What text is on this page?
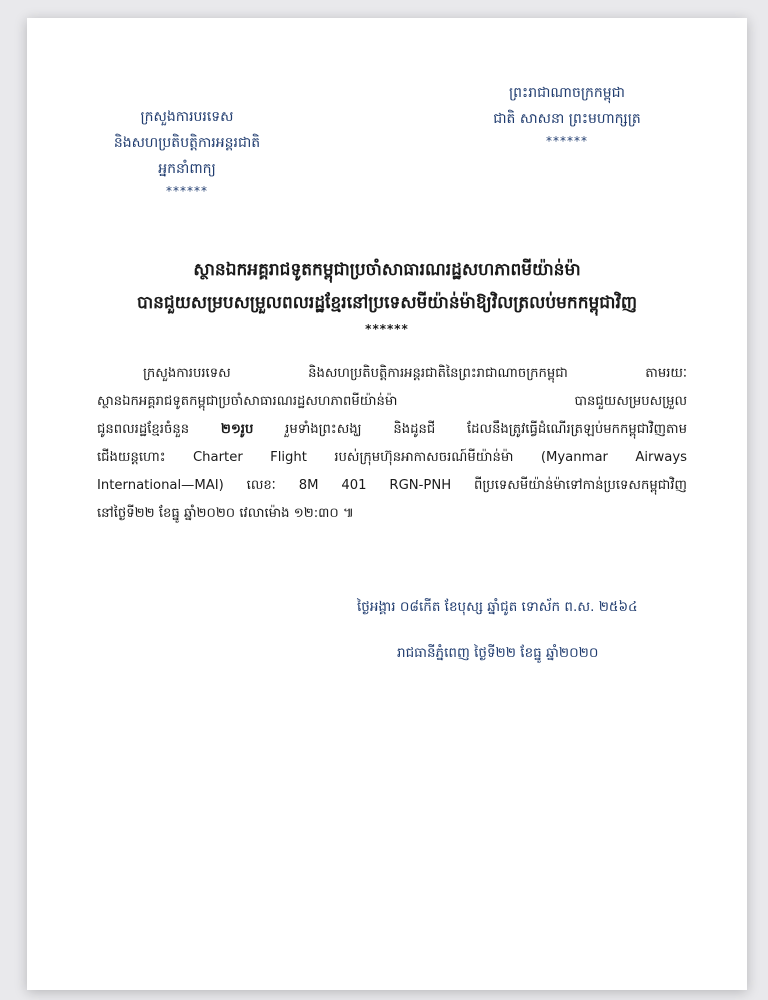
ក្រសួងការបរទេស
និងសហប្រតិបត្តិការអន្តរជាតិ
អ្នកនាំពាក្យ
******
ព្រះរាជាណាចក្រកម្ពុជា
ជាតិ សាសនា ព្រះមហាក្សត្រ
******
ស្ថានឯកអគ្គរាជទូតកម្ពុជាប្រចាំសាធារណរដ្ឋសហភាពមីយ៉ាន់ម៉ា
បានជួយសម្របសម្រួលពលរដ្ឋខ្មែរនៅប្រទេសមីយ៉ាន់ម៉ាឱ្យវិលត្រលប់មកកម្ពុជាវិញ
******
ក្រសួងការបរទេស និងសហប្រតិបត្តិការអន្តរជាតិនៃព្រះរាជាណាចក្រកម្ពុជា តាមរយៈ
ស្ថានឯកអគ្គរាជទូតកម្ពុជាប្រចាំសាធារណរដ្ឋសហភាពមីយ៉ាន់ម៉ា បានជួយសម្របសម្រួល
ជូនពលរដ្ឋខ្មែរចំនួន ២១រូប រួមទាំងព្រះសង្ឃ និងដូនជី ដែលនឹងត្រូវធ្វើដំណើរត្រឡប់មកកម្ពុជាវិញតាម
ជើងយន្តហោះ Charter Flight របស់ក្រុមហ៊ុនអាកាសចរណ៍មីយ៉ាន់ម៉ា (Myanmar Airways
International—MAI) លេខៈ 8M 401 RGN-PNH ពីប្រទេសមីយ៉ាន់ម៉ាទៅកាន់ប្រទេសកម្ពុជាវិញ
នៅថ្ងៃទី២២ ខែធ្នូ ឆ្នាំ២០២០ វេលាម៉ោង ១២:៣០ ៕
ថ្ងៃអង្គារ ០៨កើត ខែបុស្ស ឆ្នាំជូត ទោស័ក ព.ស. ២៥៦៤
រាជធានីភ្នំពេញ ថ្ងៃទី២២ ខែធ្នូ ឆ្នាំ២០២០
